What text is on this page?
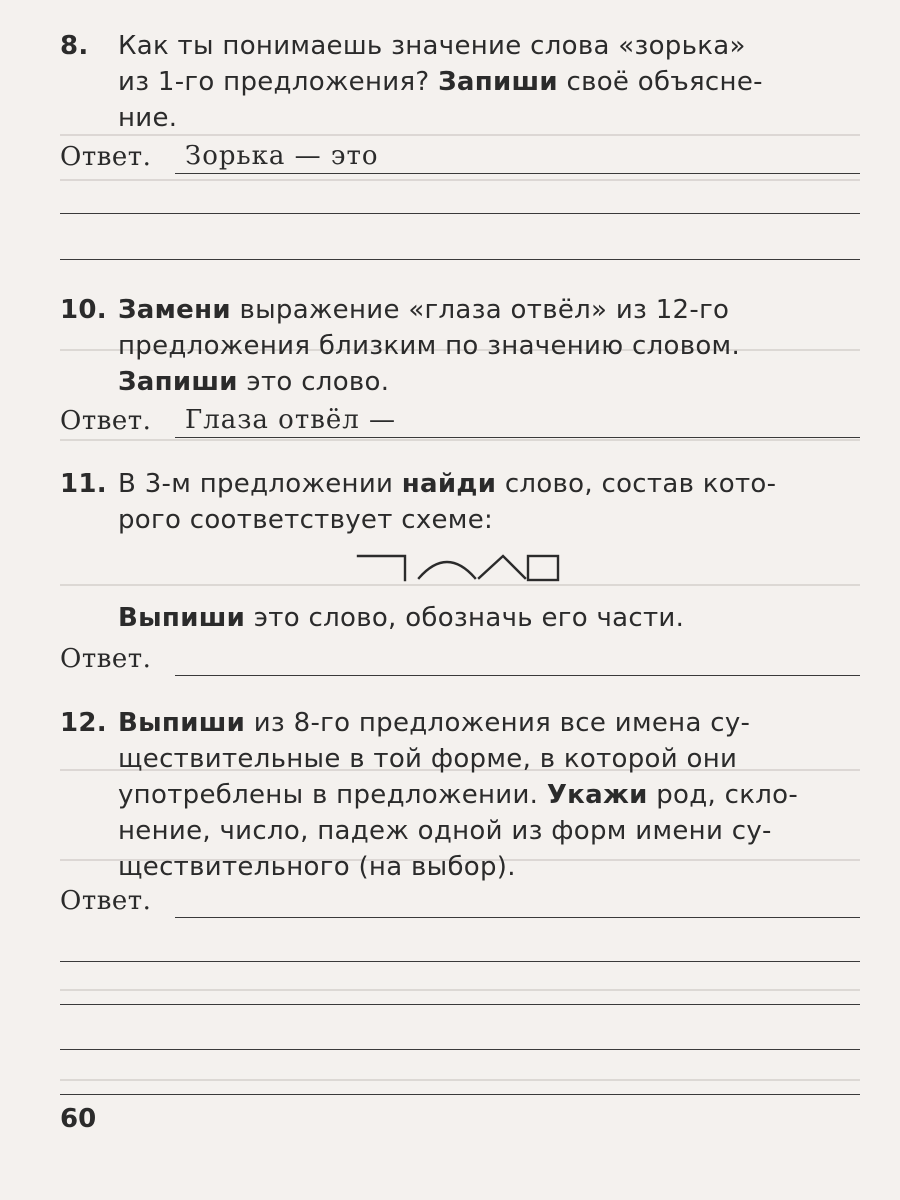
8. Как ты понимаешь значение слова «зорька»
из 1-го предложения? Запиши своё объясне-
ние.
Ответ. Зорька — это
10. Замени выражение «глаза отвёл» из 12-го
предложения близким по значению словом.
Запиши это слово.
Ответ. Глаза отвёл —
11. В 3-м предложении найди слово, состав кото-
рого соответствует схеме:
Выпиши это слово, обозначь его части.
Ответ.
12. Выпиши из 8-го предложения все имена су-
ществительные в той форме, в которой они
употреблены в предложении. Укажи род, скло-
нение, число, падеж одной из форм имени су-
ществительного (на выбор).
Ответ.
60
